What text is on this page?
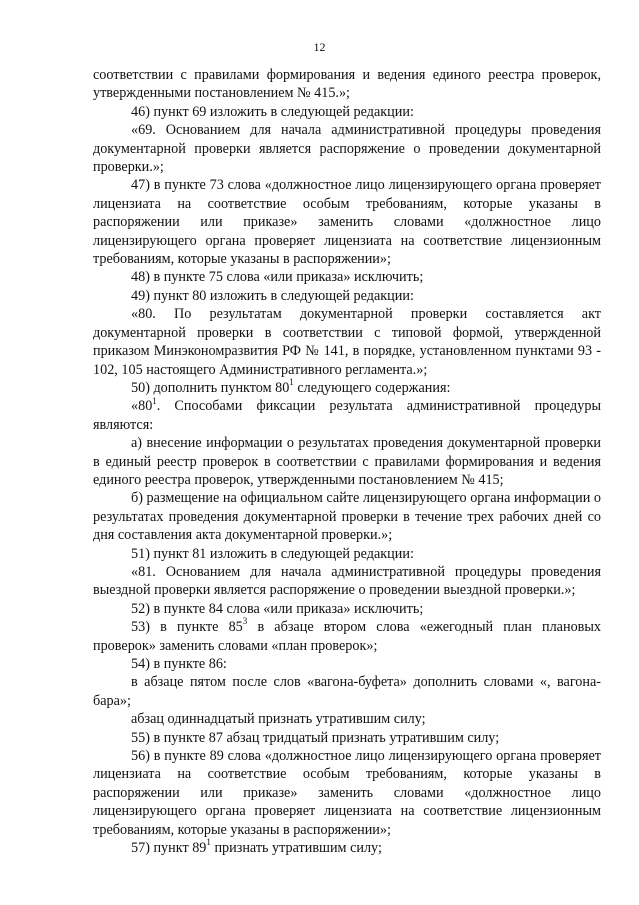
12

соответствии с правилами формирования и ведения единого реестра проверок, утвержденными постановлением № 415.»;

46) пункт 69 изложить в следующей редакции:

«69. Основанием для начала административной процедуры проведения документарной проверки является распоряжение о проведении документарной проверки.»;

47) в пункте 73 слова «должностное лицо лицензирующего органа проверяет лицензиата на соответствие особым требованиям, которые указаны в распоряжении или приказе» заменить словами «должностное лицо лицензирующего органа проверяет лицензиата на соответствие лицензионным требованиям, которые указаны в распоряжении»;

48) в пункте 75 слова «или приказа» исключить;

49) пункт 80 изложить в следующей редакции:

«80. По результатам документарной проверки составляется акт документарной проверки в соответствии с типовой формой, утвержденной приказом Минэкономразвития РФ № 141, в порядке, установленном пунктами 93 - 102, 105 настоящего Административного регламента.»;

50) дополнить пунктом $80^1$ следующего содержания:

«$80^1$. Способами фиксации результата административной процедуры являются:

а) внесение информации о результатах проведения документарной проверки в единый реестр проверок в соответствии с правилами формирования и ведения единого реестра проверок, утвержденными постановлением № 415;

б) размещение на официальном сайте лицензирующего органа информации о результатах проведения документарной проверки в течение трех рабочих дней со дня составления акта документарной проверки.»;

51) пункт 81 изложить в следующей редакции:

«81. Основанием для начала административной процедуры проведения выездной проверки является распоряжение о проведении выездной проверки.»;

52) в пункте 84 слова «или приказа» исключить;

53) в пункте $85^3$ в абзаце втором слова «ежегодный план плановых проверок» заменить словами «план проверок»;

54) в пункте 86:

в абзаце пятом после слов «вагона-буфета» дополнить словами «, вагона-бара»;

абзац одиннадцатый признать утратившим силу;

55) в пункте 87 абзац тридцатый признать утратившим силу;

56) в пункте 89 слова «должностное лицо лицензирующего органа проверяет лицензиата на соответствие особым требованиям, которые указаны в распоряжении или приказе» заменить словами «должностное лицо лицензирующего органа проверяет лицензиата на соответствие лицензионным требованиям, которые указаны в распоряжении»;

57) пункт $89^1$ признать утратившим силу;
